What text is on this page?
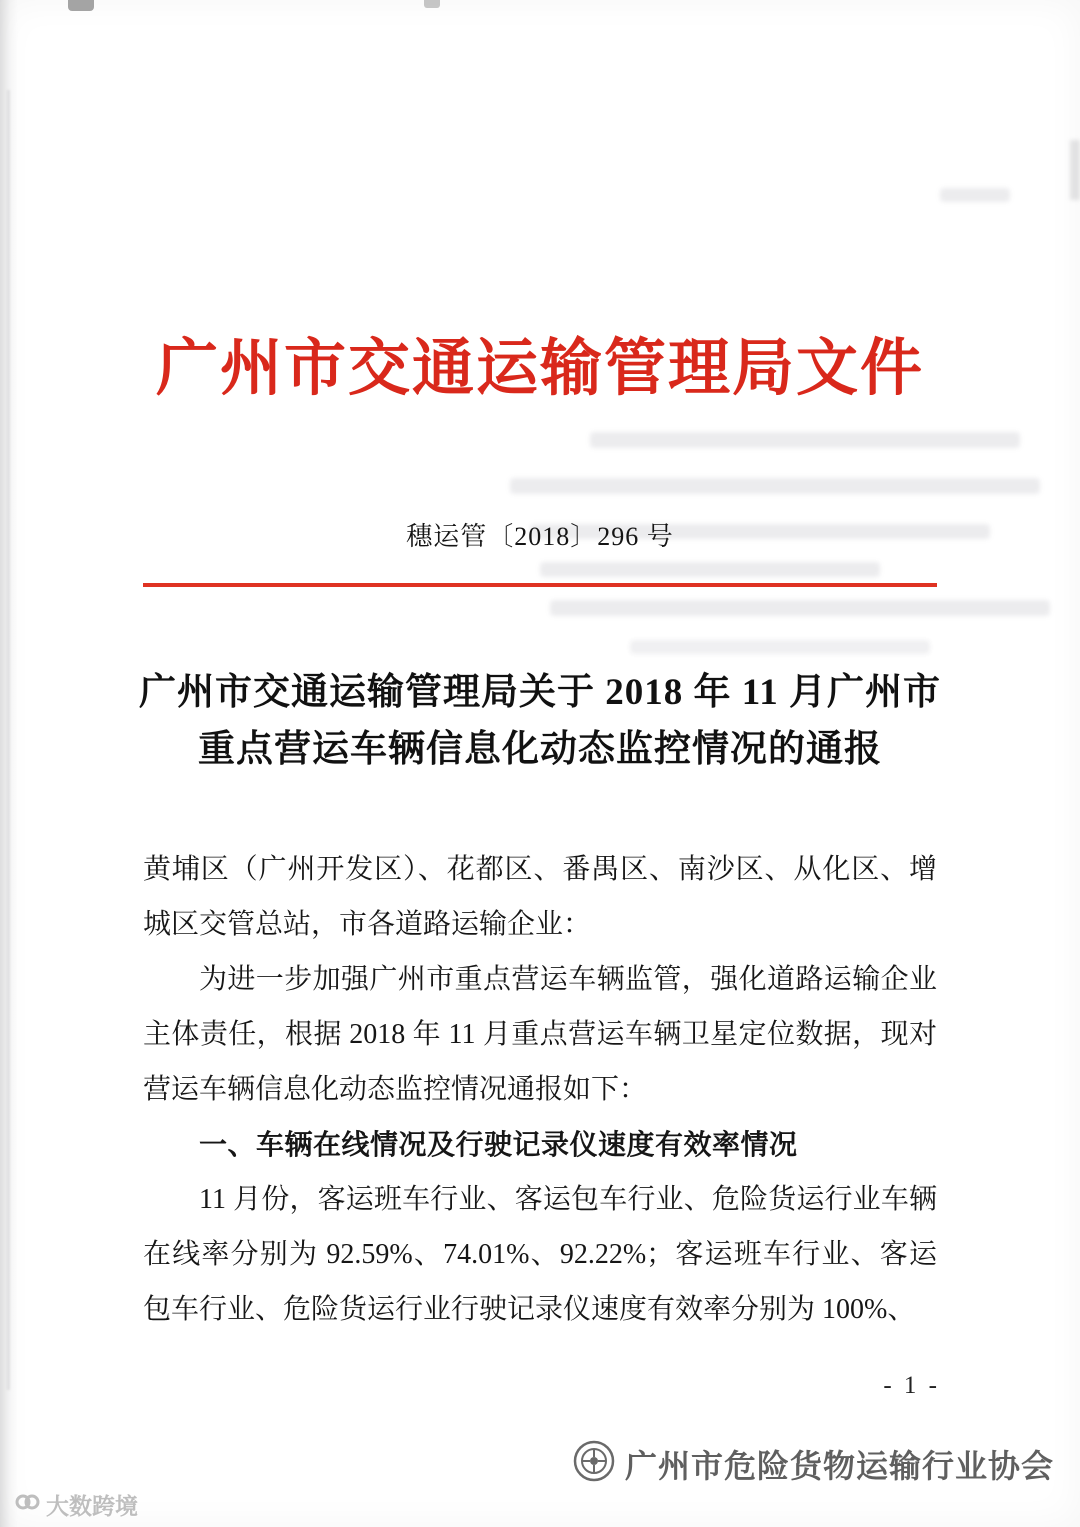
广州市交通运输管理局文件
穗运管〔2018〕296 号
广州市交通运输管理局关于 2018 年 11 月广州市
重点营运车辆信息化动态监控情况的通报

黄埔区（广州开发区）、花都区、番禺区、南沙区、从化区、增城区交管总站，市各道路运输企业：

为进一步加强广州市重点营运车辆监管，强化道路运输企业主体责任，根据 2018 年 11 月重点营运车辆卫星定位数据，现对营运车辆信息化动态监控情况通报如下：

一、车辆在线情况及行驶记录仪速度有效率情况

11 月份，客运班车行业、客运包车行业、危险货运行业车辆在线率分别为 92.59%、74.01%、92.22%；客运班车行业、客运包车行业、危险货运行业行驶记录仪速度有效率分别为 100%、

- 1 -
广州市危险货物运输行业协会
大数跨境
